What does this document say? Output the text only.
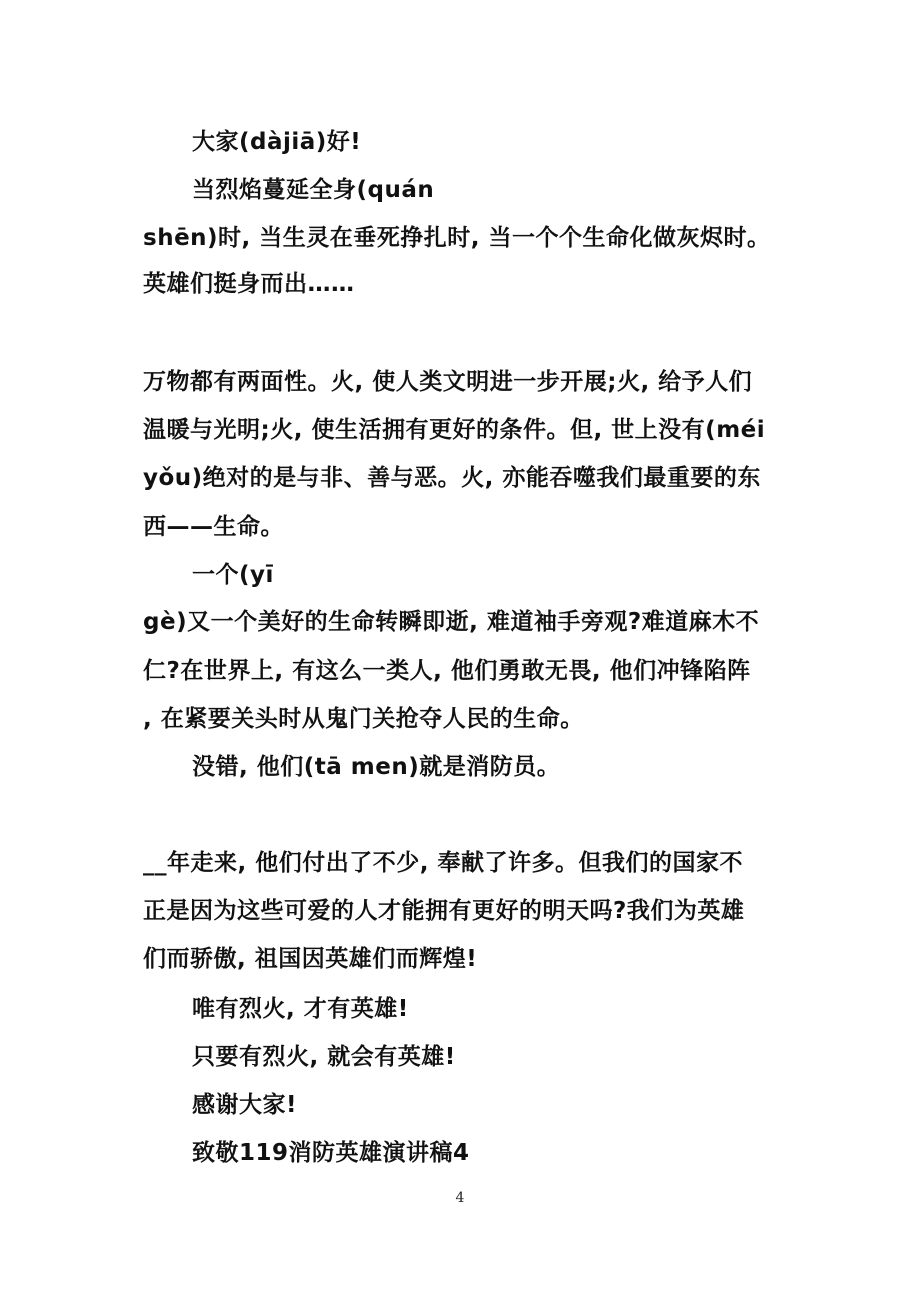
大家(dàjiā)好!
当烈焰蔓延全身(quán
shēn)时, 当生灵在垂死挣扎时, 当一个个生命化做灰烬时。
英雄们挺身而出……
万物都有两面性。火, 使人类文明进一步开展;火, 给予人们
温暖与光明;火, 使生活拥有更好的条件。但, 世上没有(méi
yǒu)绝对的是与非、善与恶。火, 亦能吞噬我们最重要的东
西——生命。
一个(yī
gè)又一个美好的生命转瞬即逝, 难道袖手旁观?难道麻木不
仁?在世界上, 有这么一类人, 他们勇敢无畏, 他们冲锋陷阵
, 在紧要关头时从鬼门关抢夺人民的生命。
没错, 他们(tā men)就是消防员。
__年走来, 他们付出了不少, 奉献了许多。但我们的国家不
正是因为这些可爱的人才能拥有更好的明天吗?我们为英雄
们而骄傲, 祖国因英雄们而辉煌!
唯有烈火, 才有英雄!
只要有烈火, 就会有英雄!
感谢大家!
致敬119消防英雄演讲稿4
4
